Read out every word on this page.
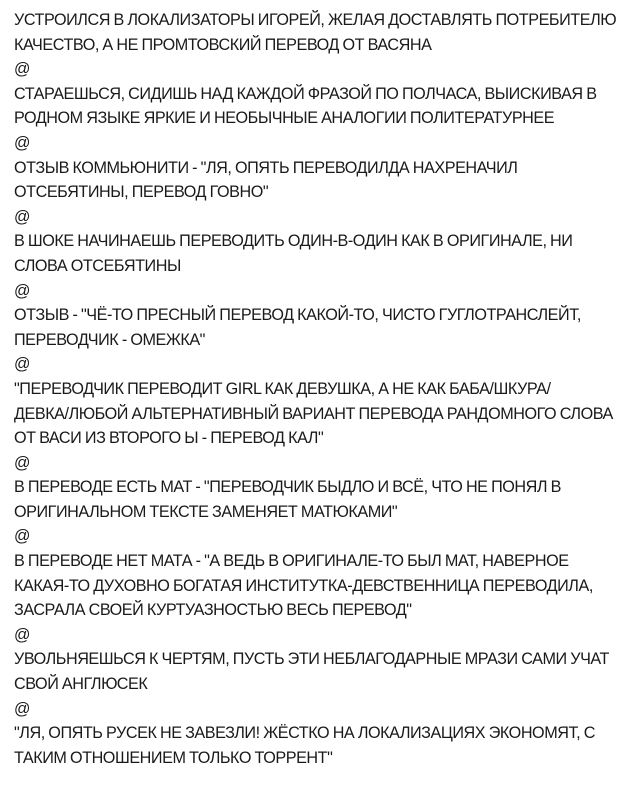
УСТРОИЛСЯ В ЛОКАЛИЗАТОРЫ ИГОРЕЙ, ЖЕЛАЯ ДОСТАВЛЯТЬ ПОТРЕБИТЕЛЮ
КАЧЕСТВО, А НЕ ПРОМТОВСКИЙ ПЕРЕВОД ОТ ВАСЯНА
@
СТАРАЕШЬСЯ, СИДИШЬ НАД КАЖДОЙ ФРАЗОЙ ПО ПОЛЧАСА, ВЫИСКИВАЯ В
РОДНОМ ЯЗЫКЕ ЯРКИЕ И НЕОБЫЧНЫЕ АНАЛОГИИ ПОЛИТЕРАТУРНЕЕ
@
ОТЗЫВ КОММЬЮНИТИ - "ЛЯ, ОПЯТЬ ПЕРЕВОДИЛДА НАХРЕНАЧИЛ
ОТСЕБЯТИНЫ, ПЕРЕВОД ГОВНО"
@
В ШОКЕ НАЧИНАЕШЬ ПЕРЕВОДИТЬ ОДИН-В-ОДИН КАК В ОРИГИНАЛЕ, НИ
СЛОВА ОТСЕБЯТИНЫ
@
ОТЗЫВ - "ЧЁ-ТО ПРЕСНЫЙ ПЕРЕВОД КАКОЙ-ТО, ЧИСТО ГУГЛОТРАНСЛЕЙТ,
ПЕРЕВОДЧИК - ОМЕЖКА"
@
"ПЕРЕВОДЧИК ПЕРЕВОДИТ GIRL КАК ДЕВУШКА, А НЕ КАК БАБА/ШКУРА/
ДЕВКА/ЛЮБОЙ АЛЬТЕРНАТИВНЫЙ ВАРИАНТ ПЕРЕВОДА РАНДОМНОГО СЛОВА
ОТ ВАСИ ИЗ ВТОРОГО Ы - ПЕРЕВОД КАЛ"
@
В ПЕРЕВОДЕ ЕСТЬ МАТ - "ПЕРЕВОДЧИК БЫДЛО И ВСЁ, ЧТО НЕ ПОНЯЛ В
ОРИГИНАЛЬНОМ ТЕКСТЕ ЗАМЕНЯЕТ МАТЮКАМИ"
@
В ПЕРЕВОДЕ НЕТ МАТА - "А ВЕДЬ В ОРИГИНАЛЕ-ТО БЫЛ МАТ, НАВЕРНОЕ
КАКАЯ-ТО ДУХОВНО БОГАТАЯ ИНСТИТУТКА-ДЕВСТВЕННИЦА ПЕРЕВОДИЛА,
ЗАСРАЛА СВОЕЙ КУРТУАЗНОСТЬЮ ВЕСЬ ПЕРЕВОД"
@
УВОЛЬНЯЕШЬСЯ К ЧЕРТЯМ, ПУСТЬ ЭТИ НЕБЛАГОДАРНЫЕ МРАЗИ САМИ УЧАТ
СВОЙ АНГЛЮСЕК
@
"ЛЯ, ОПЯТЬ РУСЕК НЕ ЗАВЕЗЛИ! ЖЁСТКО НА ЛОКАЛИЗАЦИЯХ ЭКОНОМЯТ, С
ТАКИМ ОТНОШЕНИЕМ ТОЛЬКО ТОРРЕНТ"
